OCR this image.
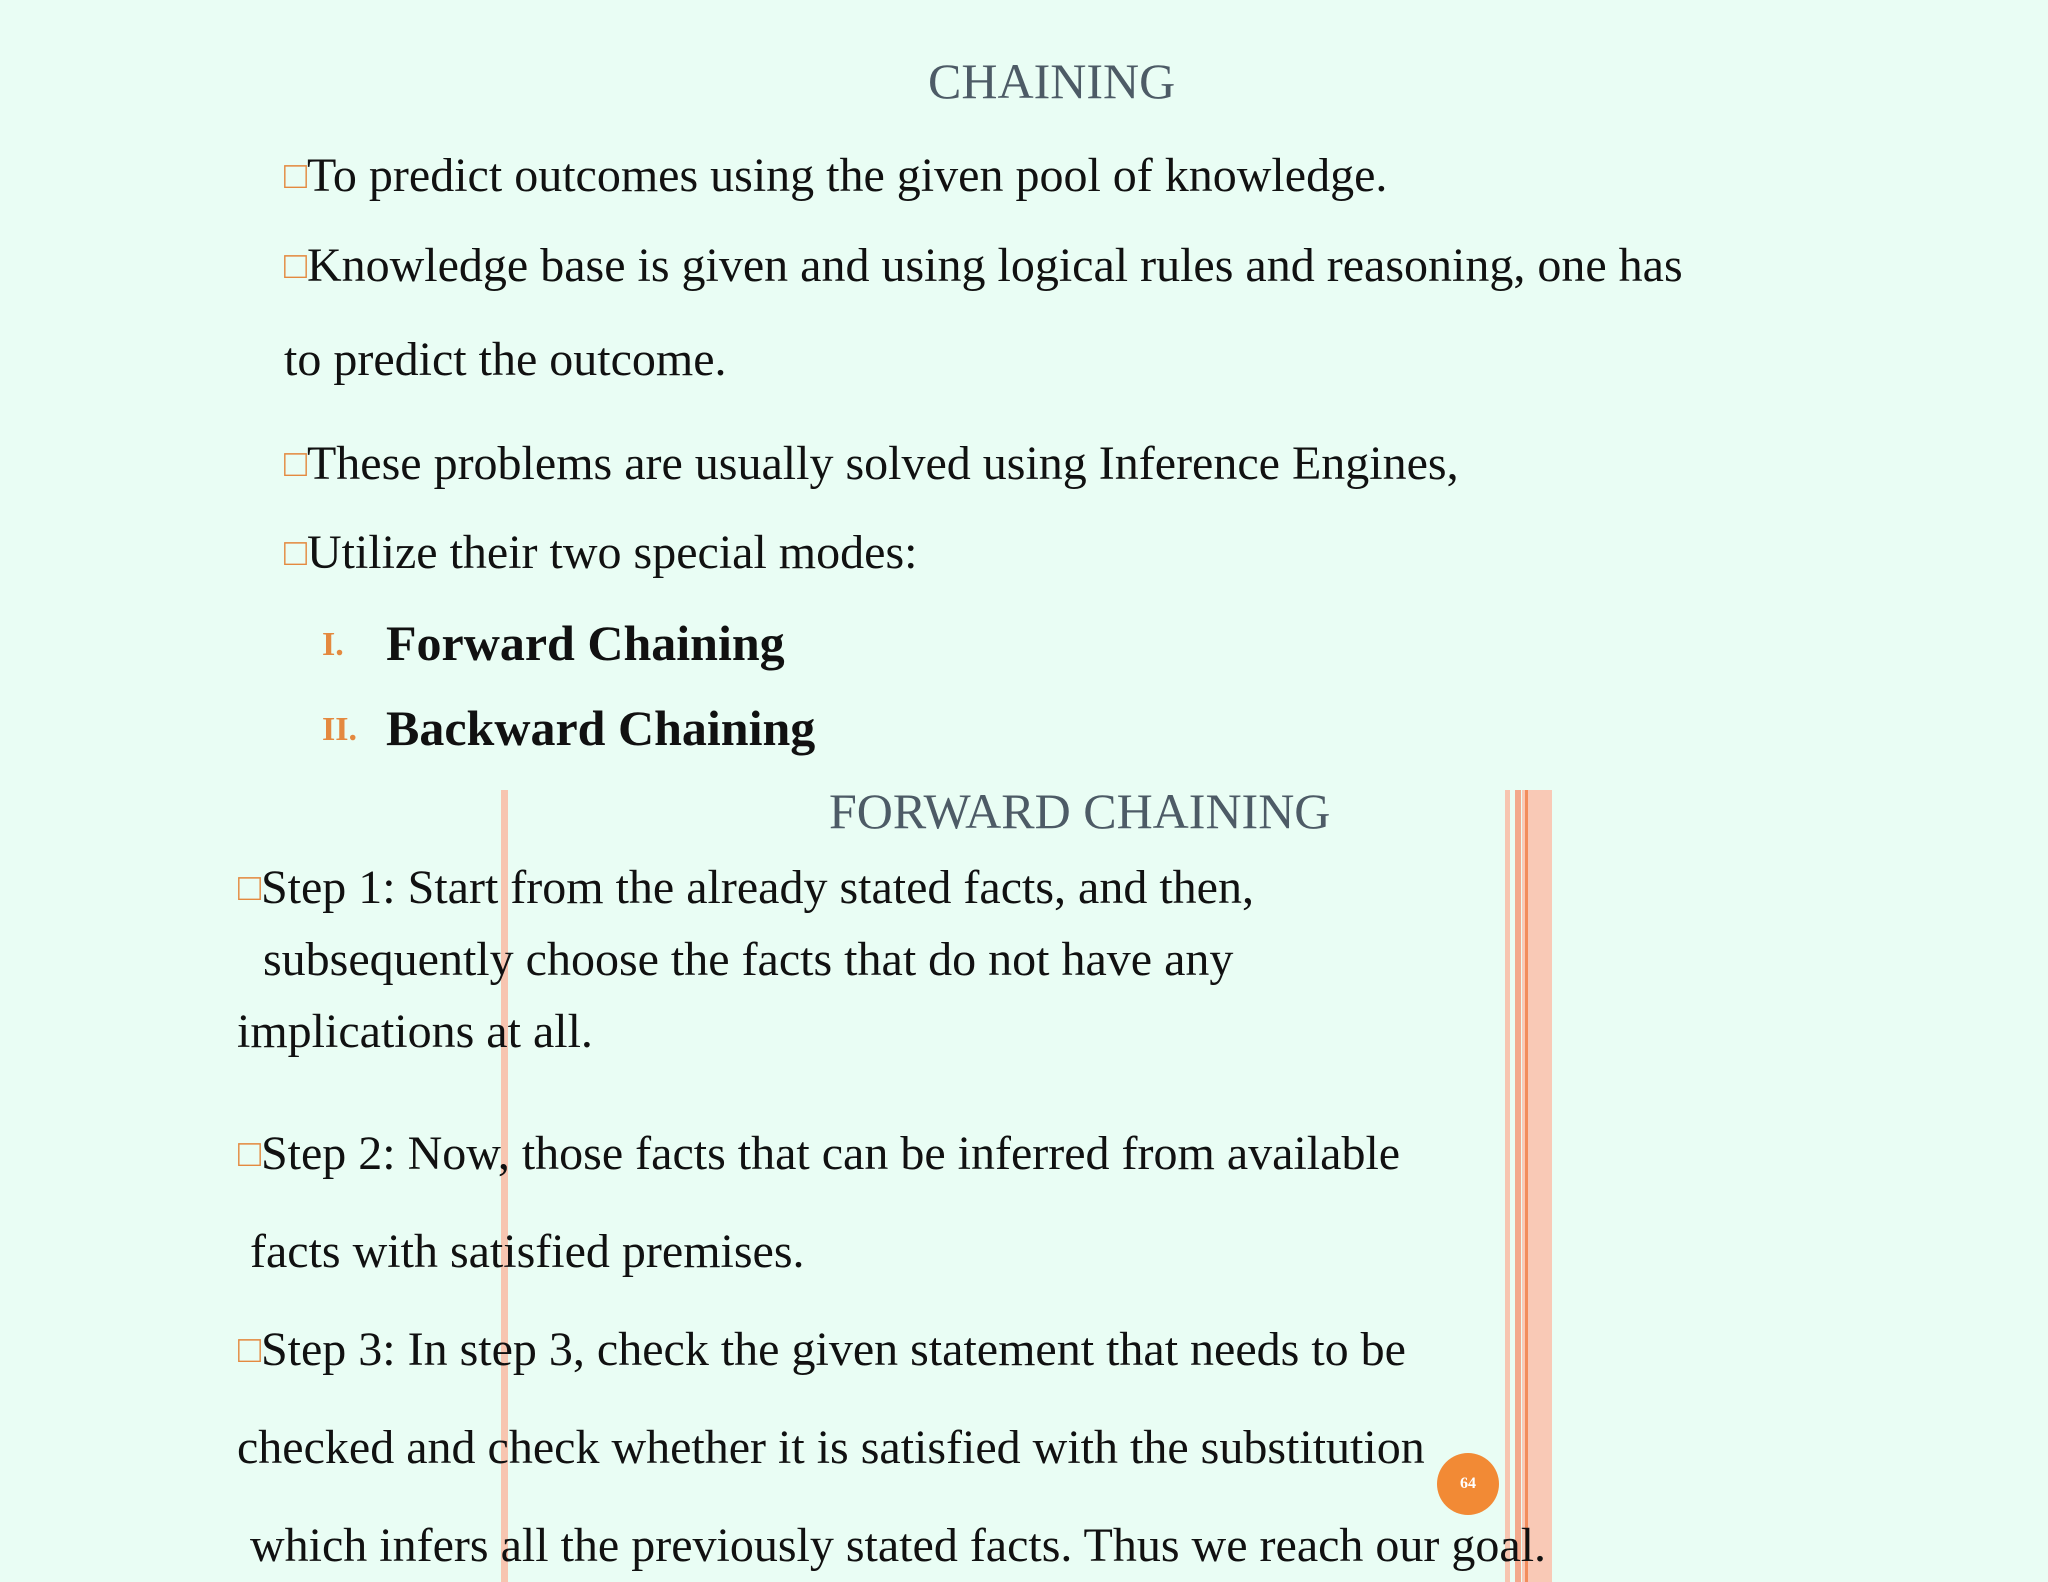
CHAINING
□To predict outcomes using the given pool of knowledge.
□Knowledge base is given and using logical rules and reasoning, one has
to predict the outcome.
□These problems are usually solved using Inference Engines,
□Utilize their two special modes:
I. Forward Chaining
II. Backward Chaining
FORWARD CHAINING
□Step 1: Start from the already stated facts, and then,
subsequently choose the facts that do not have any
implications at all.
□Step 2: Now, those facts that can be inferred from available
facts with satisfied premises.
□Step 3: In step 3, check the given statement that needs to be
checked and check whether it is satisfied with the substitution
which infers all the previously stated facts. Thus we reach our goal.
64
